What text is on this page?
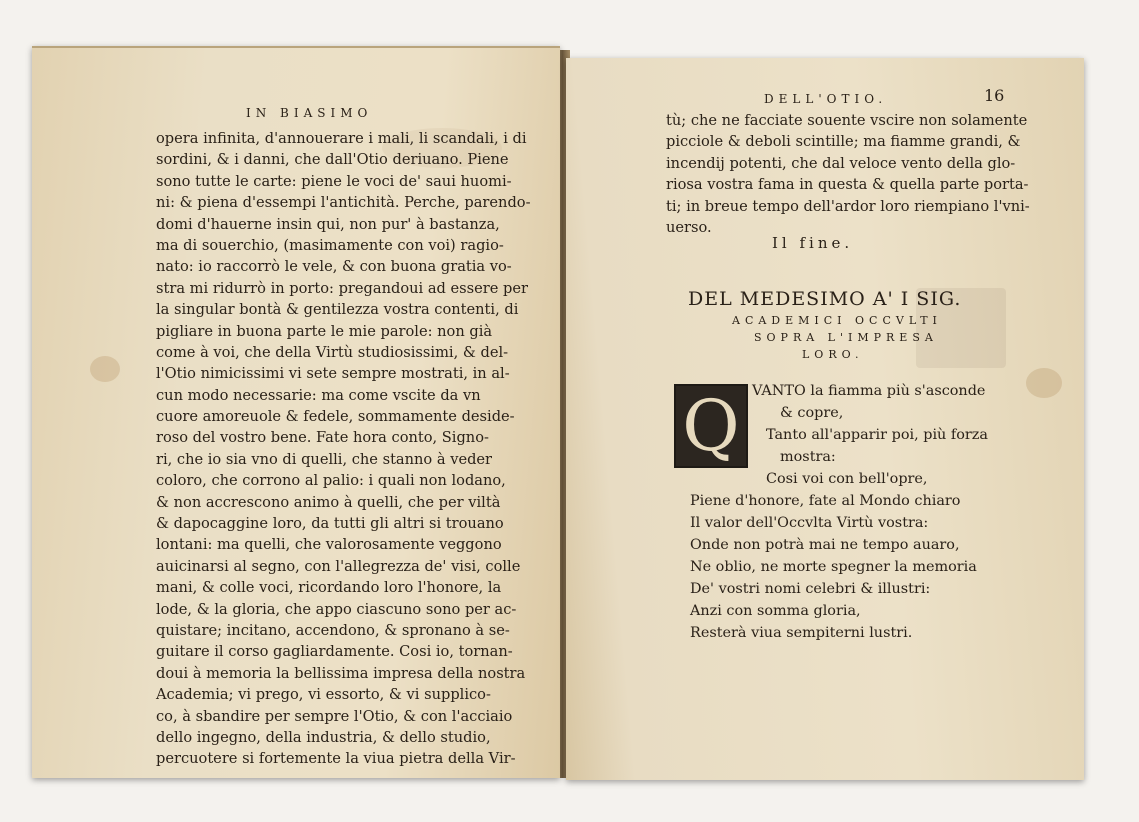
IN BIASIMO
opera infinita, d'annouerare i mali, li scandali, i di
sordini, & i danni, che dall'Otio deriuano. Piene
sono tutte le carte: piene le voci de' saui huomi-
ni: & piena d'essempi l'antichità. Perche, parendo-
domi d'hauerne insin qui, non pur' à bastanza,
ma di souerchio, (masimamente con voi) ragio-
nato: io raccorrò le vele, & con buona gratia vo-
stra mi ridurrò in porto: pregandoui ad essere per
la singular bontà & gentilezza vostra contenti, di
pigliare in buona parte le mie parole: non già
come à voi, che della Virtù studiosissimi, & del-
l'Otio nimicissimi vi sete sempre mostrati, in al-
cun modo necessarie: ma come vscite da vn
cuore amoreuole & fedele, sommamente deside-
roso del vostro bene. Fate hora conto, Signo-
ri, che io sia vno di quelli, che stanno à veder
coloro, che corrono al palio: i quali non lodano,
& non accrescono animo à quelli, che per viltà
& dapocaggine loro, da tutti gli altri si trouano
lontani: ma quelli, che valorosamente veggono
auicinarsi al segno, con l'allegrezza de' visi, colle
mani, & colle voci, ricordando loro l'honore, la
lode, & la gloria, che appo ciascuno sono per ac-
quistare; incitano, accendono, & spronano à se-
guitare il corso gagliardamente. Cosi io, tornan-
doui à memoria la bellissima impresa della nostra
Academia; vi prego, vi essorto, & vi supplico-
co, à sbandire per sempre l'Otio, & con l'acciaio
dello ingegno, della industria, & dello studio,
percuotere si fortemente la viua pietra della Vir-
DELL'OTIO.	16
tù; che ne facciate souente vscire non solamente
picciole & deboli scintille; ma fiamme grandi, &
incendij potenti, che dal veloce vento della glo-
riosa vostra fama in questa & quella parte porta-
ti; in breue tempo dell'ardor loro riempiano l'vni-
uerso.
Il fine.
DEL MEDESIMO A' I SIG.
ACADEMICI OCCVLTI
SOPRA L'IMPRESA
LORO.
Q VANTO la fiamma più s'asconde
& copre,
Tanto all'apparir poi, più forza
mostra:
Cosi voi con bell'opre,
Piene d'honore, fate al Mondo chiaro
Il valor dell'Occvlta Virtù vostra:
Onde non potrà mai ne tempo auaro,
Ne oblio, ne morte spegner la memoria
De' vostri nomi celebri & illustri:
Anzi con somma gloria,
Resterà viua sempiterni lustri.
